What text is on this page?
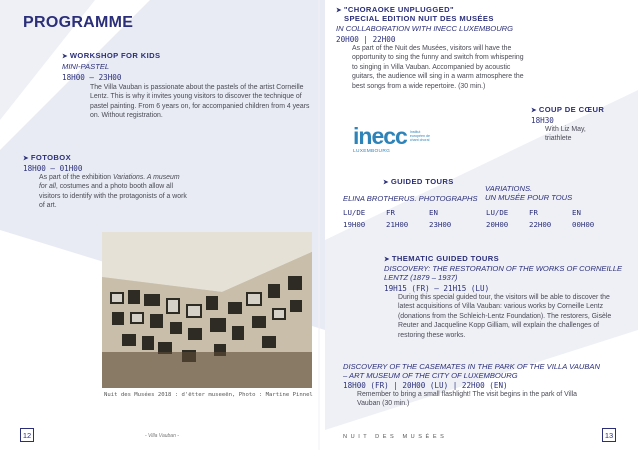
PROGRAMME
➤ WORKSHOP FOR KIDS
MINI-PASTEL
18H00 – 23H00
The Villa Vauban is passionate about the pastels of the artist Corneille Lentz. This is why it invites young visitors to discover the technique of pastel painting. From 6 years on, for accompanied children from 4 years on. Without registration.
➤ FOTOBOX
18H00 – 01H00
As part of the exhibition Variations. A museum for all, costumes and a photo booth allow all visitors to identify with the protagonists of a work of art.
Nuit des Musées 2018 : d'ëtter museeën, Photo : Martine Pinnel
12	- Villa Vauban -
➤ "CHORAOKE UNPLUGGED"
SPECIAL EDITION NUIT DES MUSÉES
IN COLLABORATION WITH INECC LUXEMBOURG
20H00 | 22H00
As part of the Nuit des Musées, visitors will have the opportunity to sing the funny and switch from whispering to singing in Villa Vauban. Accompanied by acoustic guitars, the audience will sing in a warm atmosphere the best songs from a wide repertoire. (30 min.)
inecc Institut européen de chant choral
LUXEMBOURG
➤ COUP DE CŒUR
18H30
With Liz May, triathlete
➤ GUIDED TOURS
ELINA BROTHERUS. PHOTOGRAPHS
LU/DE
19H00
FR
21H00
EN
23H00
VARIATIONS.
UN MUSÉE POUR TOUS
LU/DE
20H00
FR
22H00
EN
00H00
➤ THEMATIC GUIDED TOURS
DISCOVERY: THE RESTORATION OF THE WORKS OF CORNEILLE
LENTZ (1879 – 1937)
19H15 (FR) – 21H15 (LU)
During this special guided tour, the visitors will be able to discover the latest acquisitions of Villa Vauban: various works by Corneille Lentz (donations from the Schleich-Lentz Foundation). The restorers, Gisèle Reuter and Jacqueline Kopp Gilliam, will explain the challenges of restoring these works.
DISCOVERY OF THE CASEMATES IN THE PARK OF THE VILLA VAUBAN
– ART MUSEUM OF THE CITY OF LUXEMBOURG
18H00 (FR) | 20H00 (LU) | 22H00 (EN)
Remember to bring a small flashlight! The visit begins in the park of Villa Vauban (30 min.)
N U I T   D E S   M U S É E S	13
